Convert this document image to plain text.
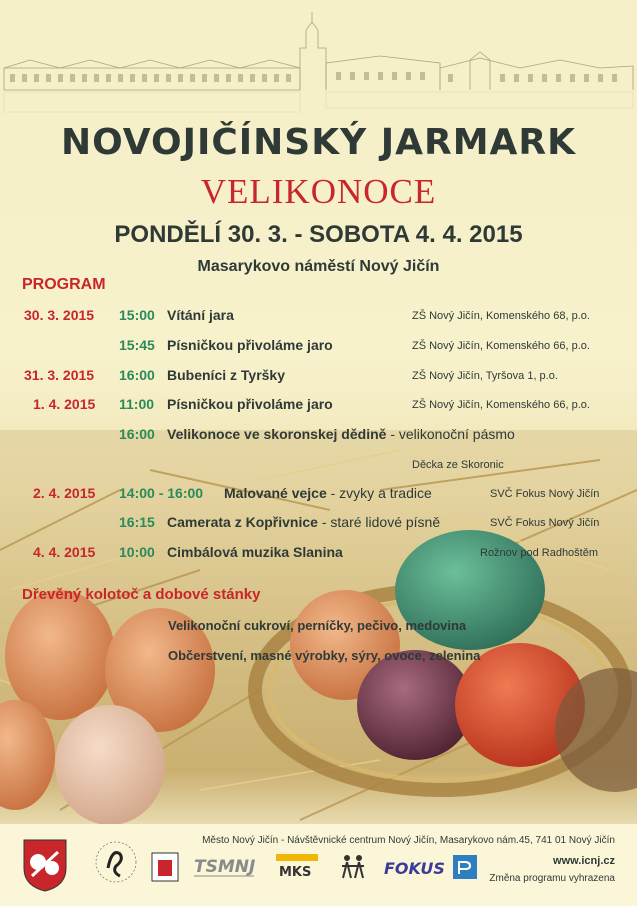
NOVOJIČÍNSKÝ JARMARK
VELIKONOCE
PONDĚLÍ 30. 3. - SOBOTA 4. 4. 2015
Masarykovo náměstí Nový Jičín
PROGRAM
30. 3. 2015 15:00 Vítání jara	ZŠ Nový Jičín, Komenského 68, p.o.
15:45 Písničkou přivoláme jaro	ZŠ Nový Jičín, Komenského 66, p.o.
31. 3. 2015 16:00 Bubeníci z Tyršky	ZŠ Nový Jičín, Tyršova 1, p.o.
1. 4. 2015 11:00 Písničkou přivoláme jaro	ZŠ Nový Jičín, Komenského 66, p.o.
16:00 Velikonoce ve skoronskej dědině - velikonoční pásmo
Děcka ze Skoronic
2. 4. 2015 14:00 - 16:00 Malované vejce - zvyky a tradice	SVČ Fokus Nový Jičín
16:15 Camerata z Kopřivnice - staré lidové písně	SVČ Fokus Nový Jičín
4. 4. 2015 10:00 Cimbálová muzika Slanina	Rožnov pod Radhoštěm
Dřevěný kolotoč a dobové stánky
Velikonoční cukroví, perníčky, pečivo, medovina
Občerstvení, masné výrobky, sýry, ovoce, zelenina
TSMNJ MKS	FOKUS
Město Nový Jičín - Návštěvnické centrum Nový Jičín, Masarykovo nám.45, 741 01 Nový Jičín
www.icnj.cz
Změna programu vyhrazena
